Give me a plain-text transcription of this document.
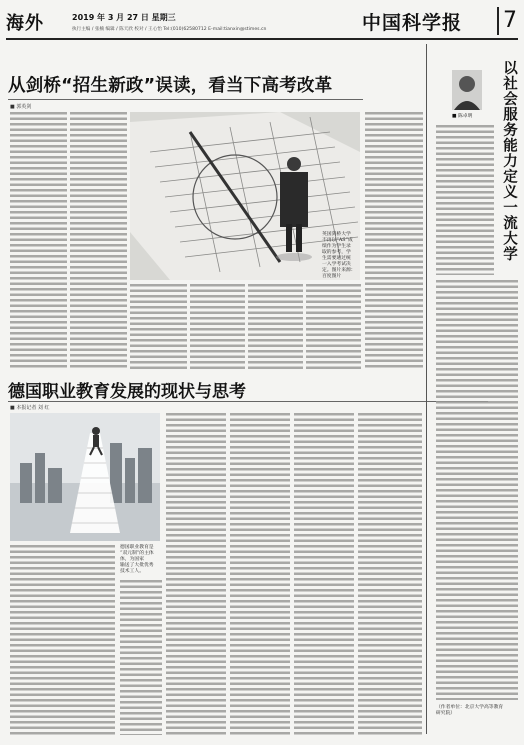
海外	2019 年 3 月 27 日 星期三
执行主编 / 张楠 编辑 / 陈天欣 校对 / 王心怡 Tel:(010)62580712 E-mail:tianxin@stimes.cn	中国科学报 7
从剑桥“招生新政”误读，看当下高考改革
■ 郭英剑
英国剑桥大学
不再以“AS”成
绩作为学生录
取的参考，学
生需要通过统
一入学考试决
定。图片来源：
百度图片
德国职业教育发展的现状与思考
■ 本报记者 刘 红
德国职业教育是
“双元制”的主体
体，为国家
输送了大批优秀
技术工人。
■ 陈卓明 以社会服务能力定义一流大学
（作者单位：北京大学高等教育
研究院）
